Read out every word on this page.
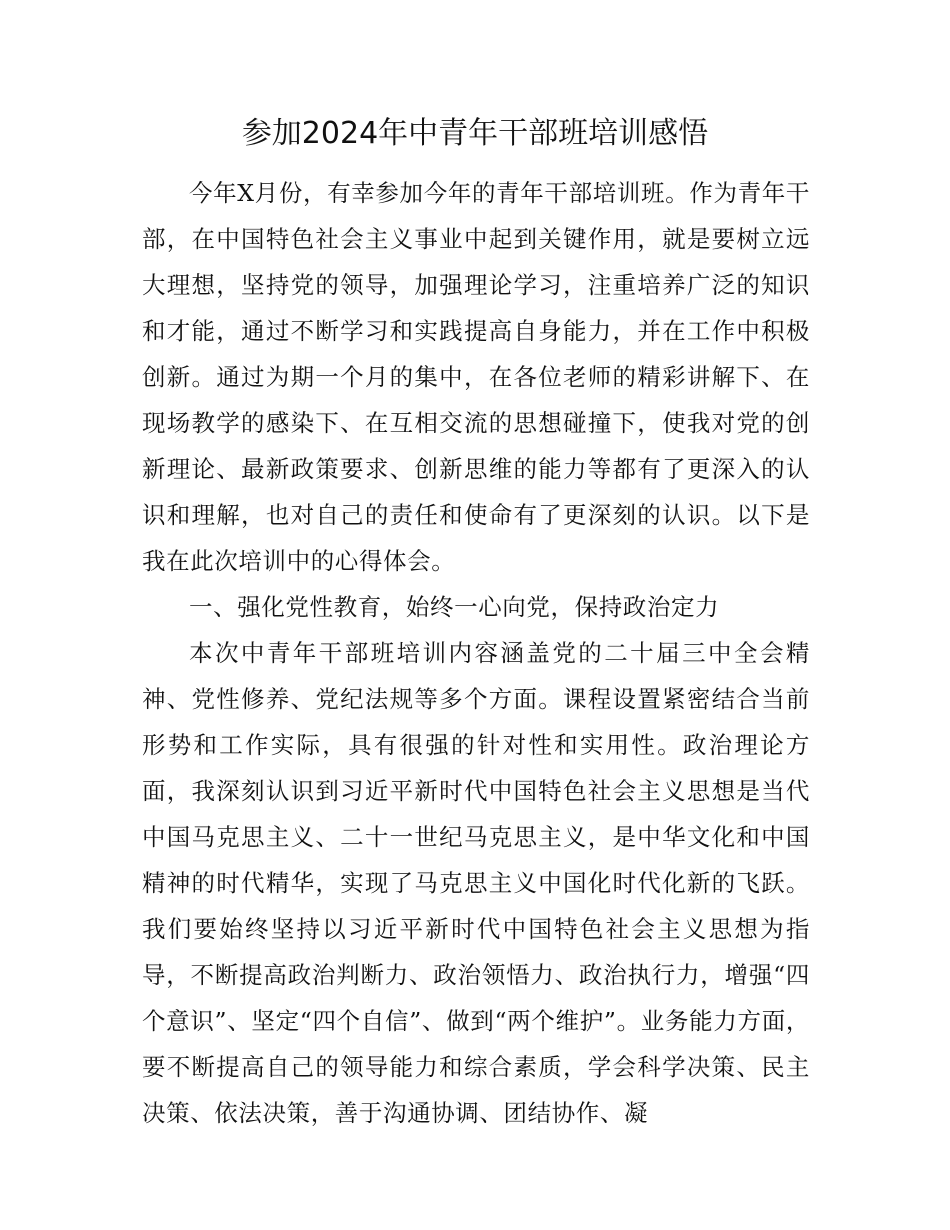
参加2024年中青年干部班培训感悟

今年X月份，有幸参加今年的青年干部培训班。作为青年干部，在中国特色社会主义事业中起到关键作用，就是要树立远大理想，坚持党的领导，加强理论学习，注重培养广泛的知识和才能，通过不断学习和实践提高自身能力，并在工作中积极创新。通过为期一个月的集中，在各位老师的精彩讲解下、在现场教学的感染下、在互相交流的思想碰撞下，使我对党的创新理论、最新政策要求、创新思维的能力等都有了更深入的认识和理解，也对自己的责任和使命有了更深刻的认识。以下是我在此次培训中的心得体会。

一、强化党性教育，始终一心向党，保持政治定力

本次中青年干部班培训内容涵盖党的二十届三中全会精神、党性修养、党纪法规等多个方面。课程设置紧密结合当前形势和工作实际，具有很强的针对性和实用性。政治理论方面，我深刻认识到习近平新时代中国特色社会主义思想是当代中国马克思主义、二十一世纪马克思主义，是中华文化和中国精神的时代精华，实现了马克思主义中国化时代化新的飞跃。我们要始终坚持以习近平新时代中国特色社会主义思想为指导，不断提高政治判断力、政治领悟力、政治执行力，增强“四个意识”、坚定“四个自信”、做到“两个维护”。业务能力方面，要不断提高自己的领导能力和综合素质，学会科学决策、民主决策、依法决策，善于沟通协调、团结协作、凝
